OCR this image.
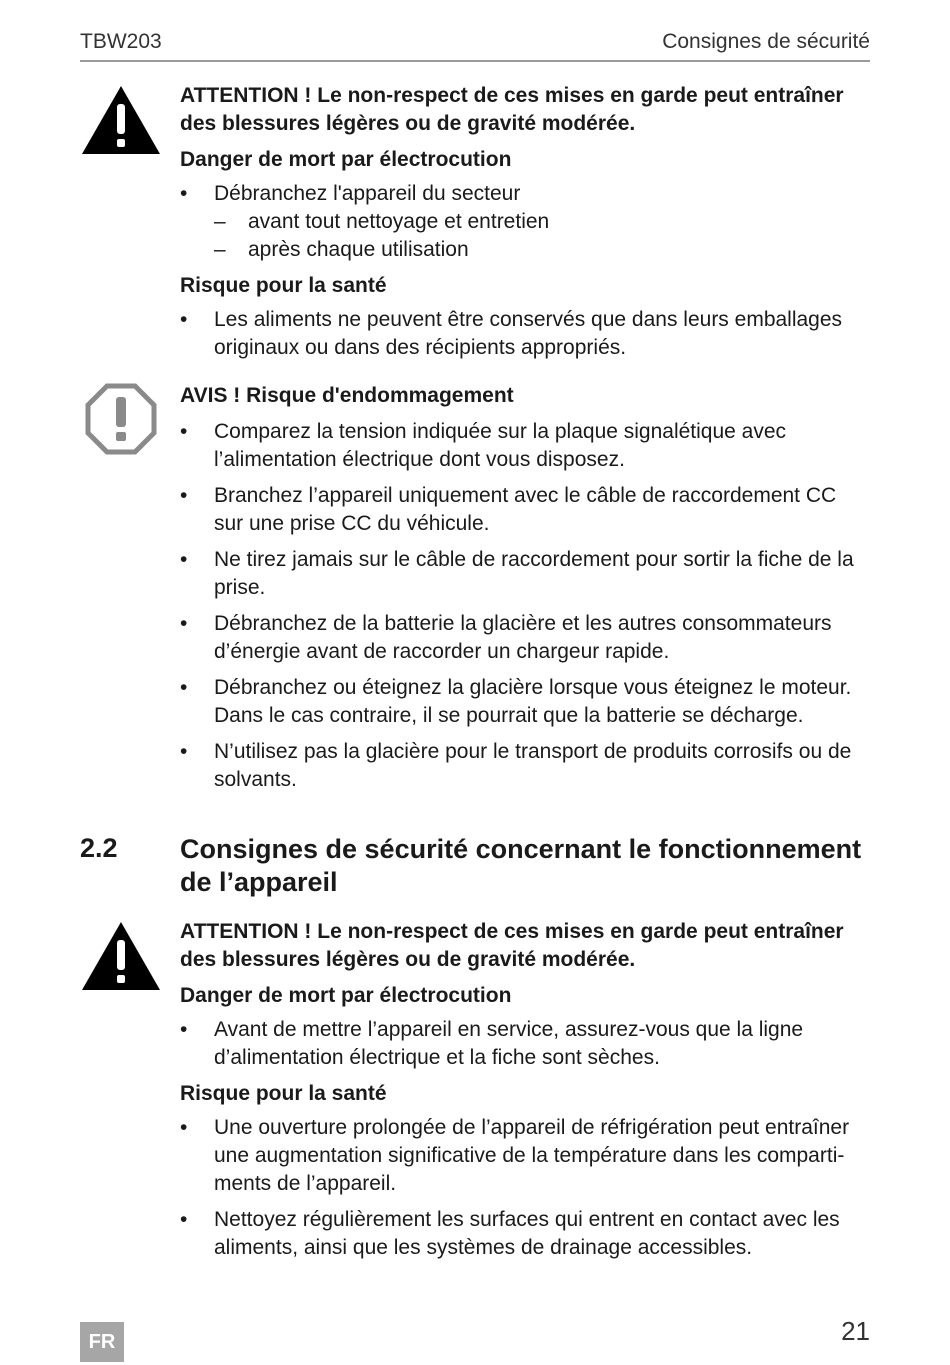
TBW203	Consignes de sécurité

ATTENTION ! Le non-respect de ces mises en garde peut entraîner des blessures légères ou de gravité modérée.

Danger de mort par électrocution

• Débranchez l'appareil du secteur
– avant tout nettoyage et entretien
– après chaque utilisation

Risque pour la santé

• Les aliments ne peuvent être conservés que dans leurs emballages originaux ou dans des récipients appropriés.

AVIS ! Risque d'endommagement

• Comparez la tension indiquée sur la plaque signalétique avec l’alimentation électrique dont vous disposez.
• Branchez l’appareil uniquement avec le câble de raccordement CC sur une prise CC du véhicule.
• Ne tirez jamais sur le câble de raccordement pour sortir la fiche de la prise.
• Débranchez de la batterie la glacière et les autres consommateurs d’énergie avant de raccorder un chargeur rapide.
• Débranchez ou éteignez la glacière lorsque vous éteignez le moteur. Dans le cas contraire, il se pourrait que la batterie se décharge.
• N’utilisez pas la glacière pour le transport de produits corrosifs ou de solvants.
2.2 Consignes de sécurité concernant le fonctionnement de l’appareil

ATTENTION ! Le non-respect de ces mises en garde peut entraîner des blessures légères ou de gravité modérée.

Danger de mort par électrocution

• Avant de mettre l’appareil en service, assurez-vous que la ligne d’alimentation électrique et la fiche sont sèches.

Risque pour la santé

• Une ouverture prolongée de l’appareil de réfrigération peut entraîner une augmentation significative de la température dans les comparti-ments de l’appareil.
• Nettoyez régulièrement les surfaces qui entrent en contact avec les aliments, ainsi que les systèmes de drainage accessibles.
FR	21
